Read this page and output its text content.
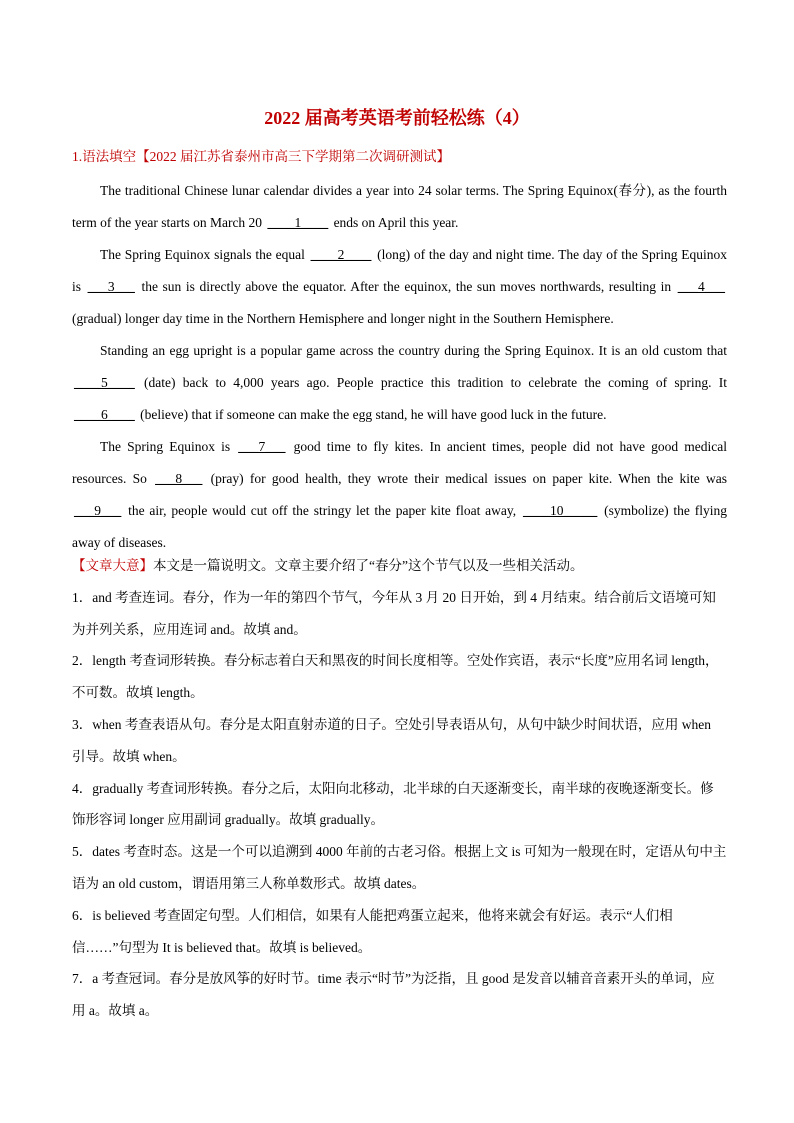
2022 届高考英语考前轻松练（4）
1.语法填空【2022 届江苏省泰州市高三下学期第二次调研测试】

The traditional Chinese lunar calendar divides a year into 24 solar terms. The Spring Equinox(春分), as the fourth term of the year starts on March 20 ____1____ ends on April this year.

The Spring Equinox signals the equal ____2____ (long) of the day and night time. The day of the Spring Equinox is ___3___ the sun is directly above the equator. After the equinox, the sun moves northwards, resulting in ___4___ (gradual) longer day time in the Northern Hemisphere and longer night in the Southern Hemisphere.

Standing an egg upright is a popular game across the country during the Spring Equinox. It is an old custom that ____5____ (date) back to 4,000 years ago. People practice this tradition to celebrate the coming of spring. It ____6____ (believe) that if someone can make the egg stand, he will have good luck in the future.

The Spring Equinox is ___7___ good time to fly kites. In ancient times, people did not have good medical resources. So ___8___ (pray) for good health, they wrote their medical issues on paper kite. When the kite was ___9___ the air, people would cut off the stringy let the paper kite float away, ____10_____ (symbolize) the flying away of diseases.

【文章大意】本文是一篇说明文。文章主要介绍了“春分”这个节气以及一些相关活动。

1．and 考查连词。春分，作为一年的第四个节气，今年从 3 月 20 日开始，到 4 月结束。结合前后文语境可知为并列关系，应用连词 and。故填 and。

2．length 考查词形转换。春分标志着白天和黑夜的时间长度相等。空处作宾语，表示“长度”应用名词 length，不可数。故填 length。

3．when 考查表语从句。春分是太阳直射赤道的日子。空处引导表语从句，从句中缺少时间状语，应用 when 引导。故填 when。

4．gradually 考查词形转换。春分之后，太阳向北移动，北半球的白天逐渐变长，南半球的夜晚逐渐变长。修饰形容词 longer 应用副词 gradually。故填 gradually。

5．dates 考查时态。这是一个可以追溯到 4000 年前的古老习俗。根据上文 is 可知为一般现在时，定语从句中主语为 an old custom，谓语用第三人称单数形式。故填 dates。

6．is believed 考查固定句型。人们相信，如果有人能把鸡蛋立起来，他将来就会有好运。表示“人们相信……”句型为 It is believed that。故填 is believed。

7．a 考查冠词。春分是放风筝的好时节。time 表示“时节”为泛指，且 good 是发音以辅音音素开头的单词，应用 a。故填 a。
